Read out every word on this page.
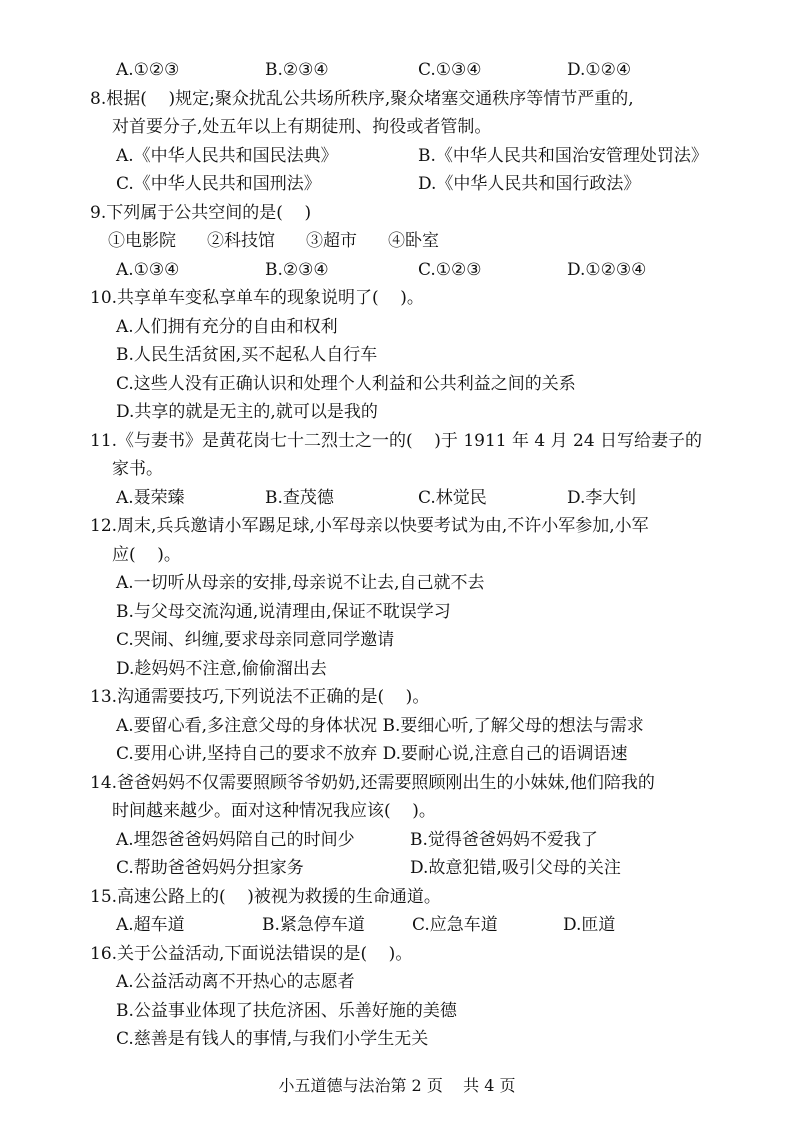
A.①②③	B.②③④	C.①③④	D.①②④
8.根据(    )规定;聚众扰乱公共场所秩序,聚众堵塞交通秩序等情节严重的,
对首要分子,处五年以上有期徒刑、拘役或者管制。
A.《中华人民共和国民法典》	B.《中华人民共和国治安管理处罚法》
C.《中华人民共和国刑法》	D.《中华人民共和国行政法》
9.下列属于公共空间的是(    )
①电影院 ②科技馆 ③超市 ④卧室
A.①③④	B.②③④	C.①②③	D.①②③④
10.共享单车变私享单车的现象说明了(    )。
A.人们拥有充分的自由和权利
B.人民生活贫困,买不起私人自行车
C.这些人没有正确认识和处理个人利益和公共利益之间的关系
D.共享的就是无主的,就可以是我的
11.《与妻书》是黄花岗七十二烈士之一的(    )于 1911 年 4 月 24 日写给妻子的
家书。
A.聂荣臻	B.查茂德	C.林觉民	D.李大钊
12.周末,兵兵邀请小军踢足球,小军母亲以快要考试为由,不许小军参加,小军
应(    )。
A.一切听从母亲的安排,母亲说不让去,自己就不去
B.与父母交流沟通,说清理由,保证不耽误学习
C.哭闹、纠缠,要求母亲同意同学邀请
D.趁妈妈不注意,偷偷溜出去
13.沟通需要技巧,下列说法不正确的是(    )。
A.要留心看,多注意父母的身体状况 B.要细心听,了解父母的想法与需求
C.要用心讲,坚持自己的要求不放弃 D.要耐心说,注意自己的语调语速
14.爸爸妈妈不仅需要照顾爷爷奶奶,还需要照顾刚出生的小妹妹,他们陪我的
时间越来越少。面对这种情况我应该(    )。
A.埋怨爸爸妈妈陪自己的时间少	B.觉得爸爸妈妈不爱我了
C.帮助爸爸妈妈分担家务	D.故意犯错,吸引父母的关注
15.高速公路上的(    )被视为救援的生命通道。
A.超车道	B.紧急停车道	C.应急车道	D.匝道
16.关于公益活动,下面说法错误的是(    )。
A.公益活动离不开热心的志愿者
B.公益事业体现了扶危济困、乐善好施的美德
C.慈善是有钱人的事情,与我们小学生无关
小五道德与法治第 2 页    共 4 页
